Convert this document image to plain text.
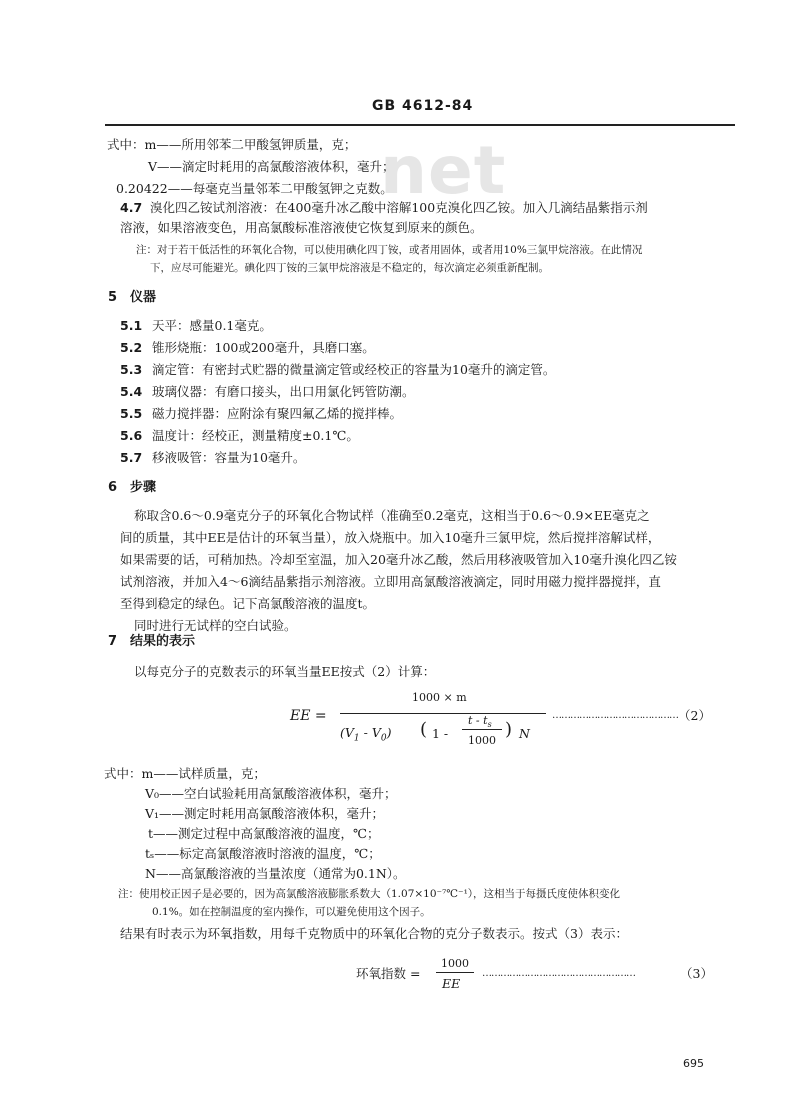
net
GB 4612-84
式中：m——所用邻苯二甲酸氢钾质量，克；
V——滴定时耗用的高氯酸溶液体积，毫升；
0.20422——每毫克当量邻苯二甲酸氢钾之克数。
4.7 溴化四乙铵试剂溶液：在400毫升冰乙酸中溶解100克溴化四乙铵。加入几滴结晶紫指示剂
溶液，如果溶液变色，用高氯酸标准溶液使它恢复到原来的颜色。
注：对于若干低活性的环氧化合物，可以使用碘化四丁铵，或者用固体，或者用10%三氯甲烷溶液。在此情况
下，应尽可能避光。碘化四丁铵的三氯甲烷溶液是不稳定的，每次滴定必须重新配制。
5 仪器
5.1 天平：感量0.1毫克。
5.2 锥形烧瓶：100或200毫升，具磨口塞。
5.3 滴定管：有密封式贮器的微量滴定管或经校正的容量为10毫升的滴定管。
5.4 玻璃仪器：有磨口接头，出口用氯化钙管防潮。
5.5 磁力搅拌器：应附涂有聚四氟乙烯的搅拌棒。
5.6 温度计：经校正，测量精度±0.1℃。
5.7 移液吸管：容量为10毫升。
6 步骤
称取含0.6～0.9毫克分子的环氧化合物试样（准确至0.2毫克，这相当于0.6～0.9×EE毫克之
间的质量，其中EE是估计的环氧当量），放入烧瓶中。加入10毫升三氯甲烷，然后搅拌溶解试样，
如果需要的话，可稍加热。冷却至室温，加入20毫升冰乙酸，然后用移液吸管加入10毫升溴化四乙铵
试剂溶液，并加入4～6滴结晶紫指示剂溶液。立即用高氯酸溶液滴定，同时用磁力搅拌器搅拌，直
至得到稳定的绿色。记下高氯酸溶液的温度t。
同时进行无试样的空白试验。
7 结果的表示
以每克分子的克数表示的环氧当量EE按式（2）计算：
EE =
1000 × m
$(V_1 - V_0)$ ( 1 -
t - $t_s$
1000
) N
…………………………………… （2）
式中：m——试样质量，克；
V₀——空白试验耗用高氯酸溶液体积，毫升；
V₁——测定时耗用高氯酸溶液体积，毫升；
t——测定过程中高氯酸溶液的温度，℃；
tₛ——标定高氯酸溶液时溶液的温度，℃；
N——高氯酸溶液的当量浓度（通常为0.1N）。
注：使用校正因子是必要的，因为高氯酸溶液膨胀系数大（1.07×10⁻⁷℃⁻¹），这相当于每摄氏度使体积变化
0.1%。如在控制温度的室内操作，可以避免使用这个因子。
结果有时表示为环氧指数，用每千克物质中的环氧化合物的克分子数表示。按式（3）表示：
环氧指数 =
1000
EE
……………………………………………	（3）
695
